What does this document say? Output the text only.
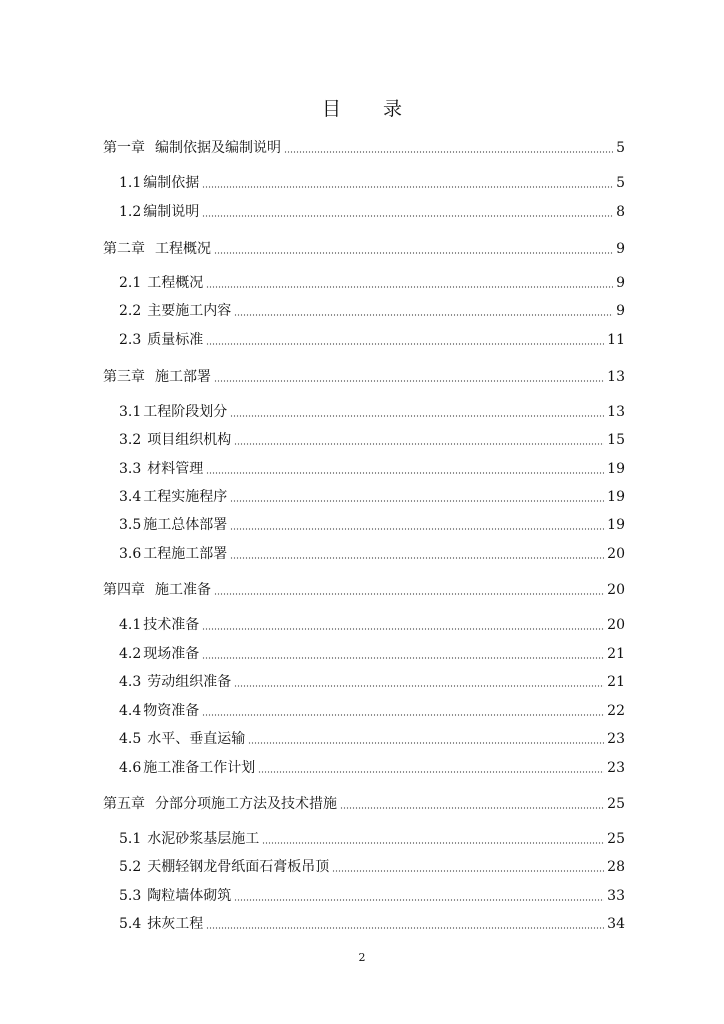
目 录
第一章 编制依据及编制说明	5
1.1 编制依据	5
1.2 编制说明	8
第二章 工程概况	9
2.1 工程概况	9
2.2 主要施工内容	9
2.3 质量标准	11
第三章 施工部署	13
3.1 工程阶段划分	13
3.2 项目组织机构	15
3.3 材料管理	19
3.4 工程实施程序	19
3.5 施工总体部署	19
3.6 工程施工部署	20
第四章 施工准备	20
4.1 技术准备	20
4.2 现场准备	21
4.3 劳动组织准备	21
4.4 物资准备	22
4.5 水平、垂直运输	23
4.6 施工准备工作计划	23
第五章 分部分项施工方法及技术措施	25
5.1 水泥砂浆基层施工	25
5.2 天棚轻钢龙骨纸面石膏板吊顶	28
5.3 陶粒墙体砌筑	33
5.4 抹灰工程	34
2
